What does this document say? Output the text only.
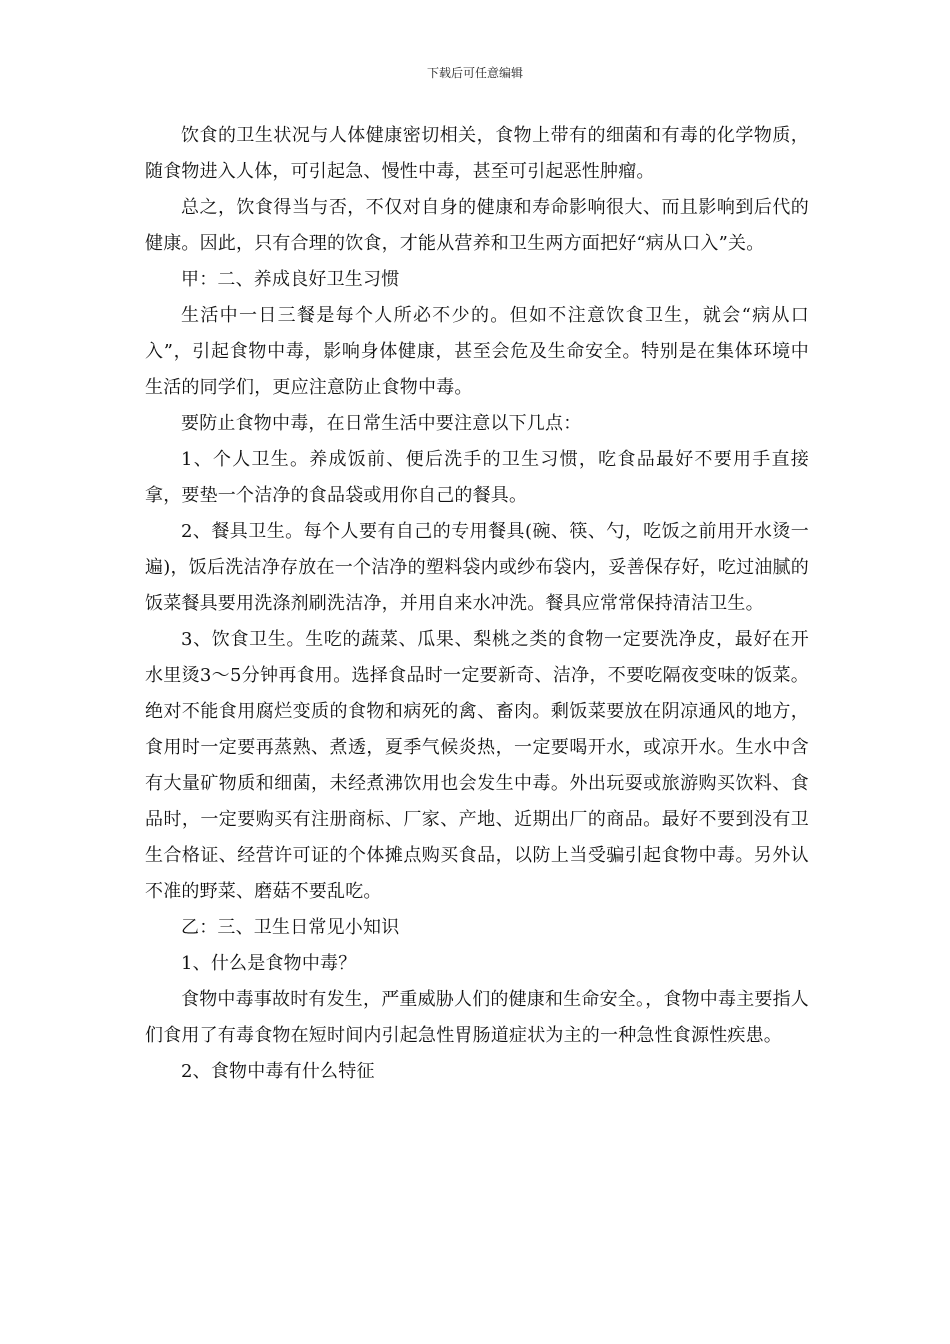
下载后可任意编辑

饮食的卫生状况与人体健康密切相关，食物上带有的细菌和有毒的化学物质，随食物进入人体，可引起急、慢性中毒，甚至可引起恶性肿瘤。

总之，饮食得当与否，不仅对自身的健康和寿命影响很大、而且影响到后代的健康。因此，只有合理的饮食，才能从营养和卫生两方面把好“病从口入”关。

甲：二、养成良好卫生习惯

生活中一日三餐是每个人所必不少的。但如不注意饮食卫生，就会“病从口入”，引起食物中毒，影响身体健康，甚至会危及生命安全。特别是在集体环境中生活的同学们，更应注意防止食物中毒。

要防止食物中毒，在日常生活中要注意以下几点：

1、个人卫生。养成饭前、便后洗手的卫生习惯，吃食品最好不要用手直接拿，要垫一个洁净的食品袋或用你自己的餐具。

2、餐具卫生。每个人要有自己的专用餐具(碗、筷、勺，吃饭之前用开水烫一遍)，饭后洗洁净存放在一个洁净的塑料袋内或纱布袋内，妥善保存好，吃过油腻的饭菜餐具要用洗涤剂刷洗洁净，并用自来水冲洗。餐具应常常保持清洁卫生。

3、饮食卫生。生吃的蔬菜、瓜果、梨桃之类的食物一定要洗净皮，最好在开水里烫3～5分钟再食用。选择食品时一定要新奇、洁净，不要吃隔夜变味的饭菜。绝对不能食用腐烂变质的食物和病死的禽、畜肉。剩饭菜要放在阴凉通风的地方，食用时一定要再蒸熟、煮透，夏季气候炎热，一定要喝开水，或凉开水。生水中含有大量矿物质和细菌，未经煮沸饮用也会发生中毒。外出玩耍或旅游购买饮料、食品时，一定要购买有注册商标、厂家、产地、近期出厂的商品。最好不要到没有卫生合格证、经营许可证的个体摊点购买食品，以防上当受骗引起食物中毒。另外认不准的野菜、磨菇不要乱吃。

乙：三、卫生日常见小知识

1、什么是食物中毒？

食物中毒事故时有发生，严重威胁人们的健康和生命安全。，食物中毒主要指人们食用了有毒食物在短时间内引起急性胃肠道症状为主的一种急性食源性疾患。

2、食物中毒有什么特征
